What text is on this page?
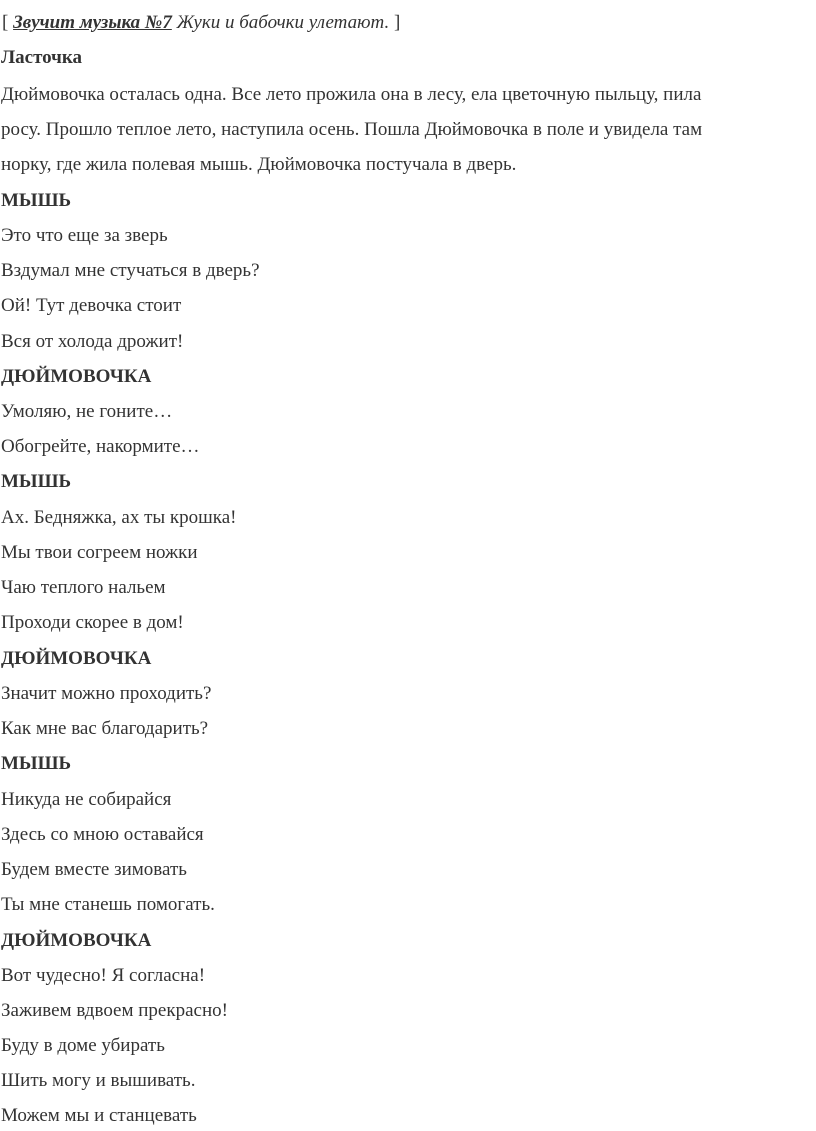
[ Звучит музыка №7 Жуки и бабочки улетают. ]
Ласточка
Дюймовочка осталась одна. Все лето прожила она в лесу, ела цветочную пыльцу, пила
росу. Прошло теплое лето, наступила осень. Пошла Дюймовочка в поле и увидела там
норку, где жила полевая мышь. Дюймовочка постучала в дверь.
МЫШЬ
Это что еще за зверь
Вздумал мне стучаться в дверь?
Ой! Тут девочка стоит
Вся от холода дрожит!
ДЮЙМОВОЧКА
Умоляю, не гоните…
Обогрейте, накормите…
МЫШЬ
Ах. Бедняжка, ах ты крошка!
Мы твои согреем ножки
Чаю теплого нальем
Проходи скорее в дом!
ДЮЙМОВОЧКА
Значит можно проходить?
Как мне вас благодарить?
МЫШЬ
Никуда не собирайся
Здесь со мною оставайся
Будем вместе зимовать
Ты мне станешь помогать.
ДЮЙМОВОЧКА
Вот чудесно! Я согласна!
Заживем вдвоем прекрасно!
Буду в доме убирать
Шить могу и вышивать.
Можем мы и станцевать
